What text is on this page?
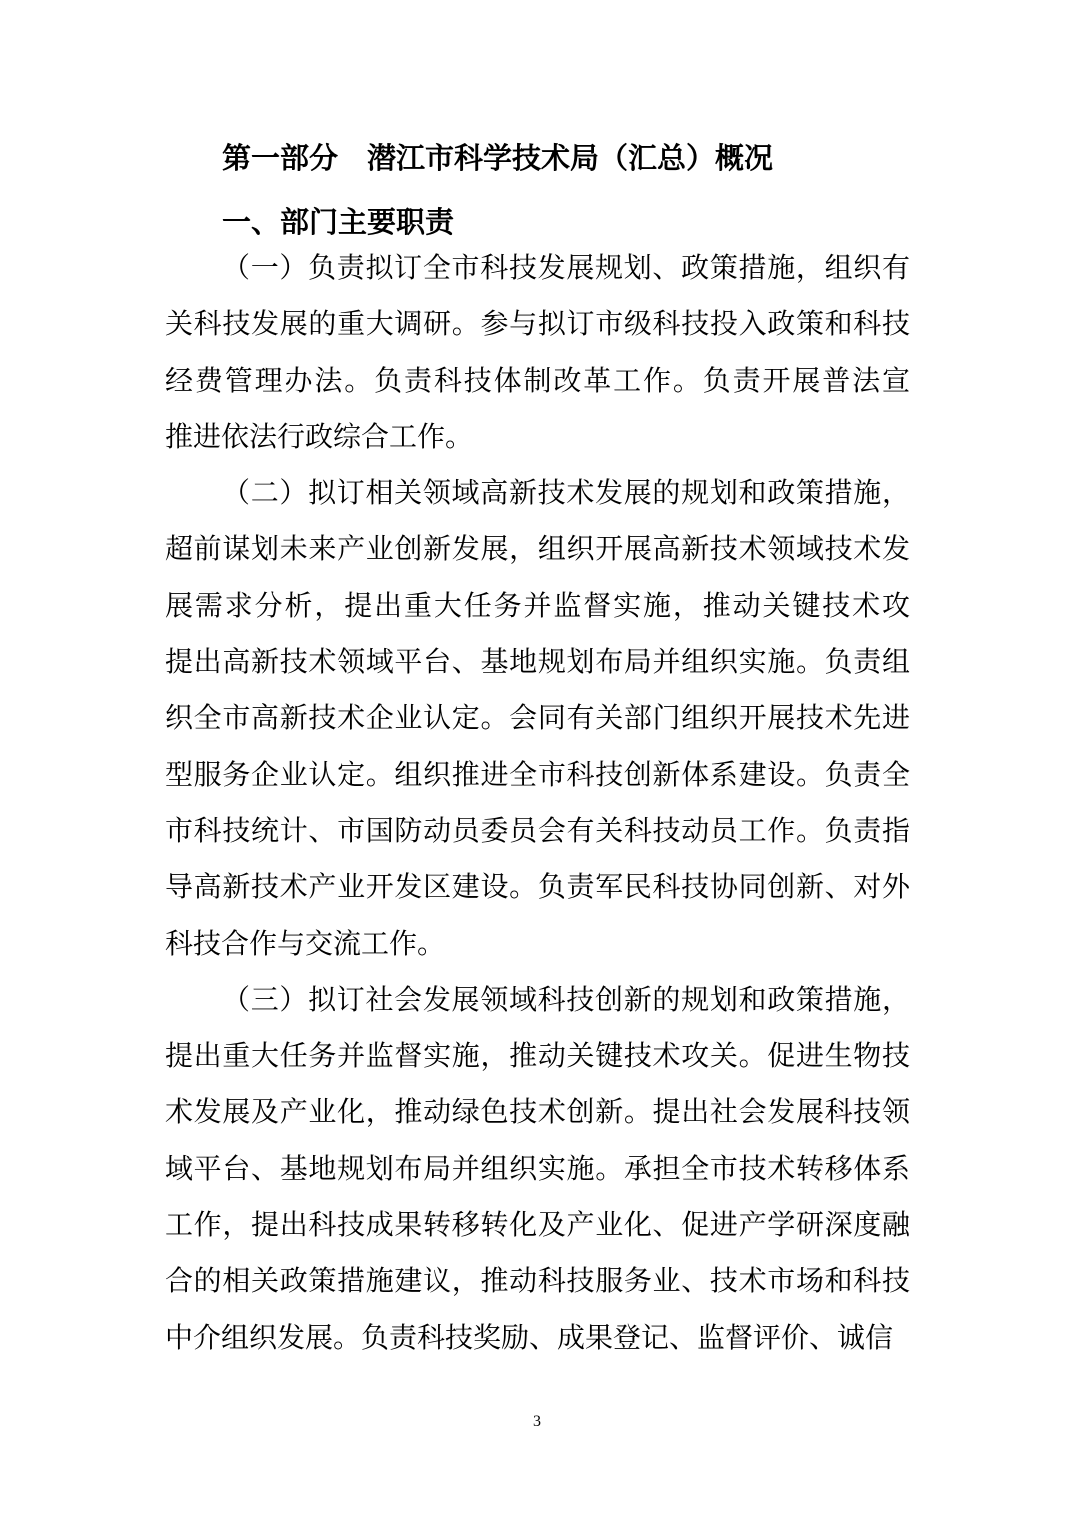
第一部分　潜江市科学技术局（汇总）概况
一、部门主要职责
（一）负责拟订全市科技发展规划、政策措施，组织有
关科技发展的重大调研。参与拟订市级科技投入政策和科技
经费管理办法。负责科技体制改革工作。负责开展普法宣
推进依法行政综合工作。
（二）拟订相关领域高新技术发展的规划和政策措施，
超前谋划未来产业创新发展，组织开展高新技术领域技术发
展需求分析，提出重大任务并监督实施，推动关键技术攻
提出高新技术领域平台、基地规划布局并组织实施。负责组
织全市高新技术企业认定。会同有关部门组织开展技术先进
型服务企业认定。组织推进全市科技创新体系建设。负责全
市科技统计、市国防动员委员会有关科技动员工作。负责指
导高新技术产业开发区建设。负责军民科技协同创新、对外
科技合作与交流工作。
（三）拟订社会发展领域科技创新的规划和政策措施，
提出重大任务并监督实施，推动关键技术攻关。促进生物技
术发展及产业化，推动绿色技术创新。提出社会发展科技领
域平台、基地规划布局并组织实施。承担全市技术转移体系
工作，提出科技成果转移转化及产业化、促进产学研深度融
合的相关政策措施建议，推动科技服务业、技术市场和科技
中介组织发展。负责科技奖励、成果登记、监督评价、诚信
3
